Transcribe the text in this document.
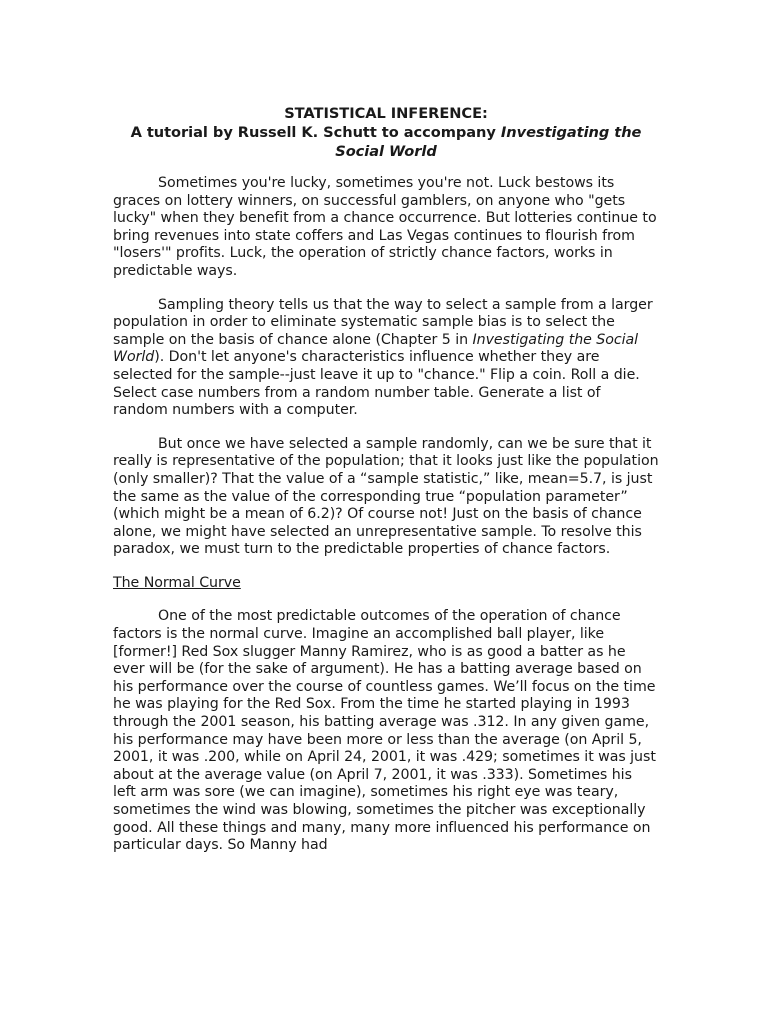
STATISTICAL INFERENCE:
A tutorial by Russell K. Schutt to accompany Investigating the Social World

Sometimes you're lucky, sometimes you're not. Luck bestows its graces on lottery winners, on successful gamblers, on anyone who "gets lucky" when they benefit from a chance occurrence. But lotteries continue to bring revenues into state coffers and Las Vegas continues to flourish from "losers'" profits. Luck, the operation of strictly chance factors, works in predictable ways.

Sampling theory tells us that the way to select a sample from a larger population in order to eliminate systematic sample bias is to select the sample on the basis of chance alone (Chapter 5 in Investigating the Social World). Don't let anyone's characteristics influence whether they are selected for the sample--just leave it up to "chance." Flip a coin. Roll a die. Select case numbers from a random number table. Generate a list of random numbers with a computer.

But once we have selected a sample randomly, can we be sure that it really is representative of the population; that it looks just like the population (only smaller)? That the value of a “sample statistic,” like, mean=5.7, is just the same as the value of the corresponding true “population parameter” (which might be a mean of 6.2)? Of course not! Just on the basis of chance alone, we might have selected an unrepresentative sample. To resolve this paradox, we must turn to the predictable properties of chance factors.

The Normal Curve

One of the most predictable outcomes of the operation of chance factors is the normal curve. Imagine an accomplished ball player, like [former!] Red Sox slugger Manny Ramirez, who is as good a batter as he ever will be (for the sake of argument). He has a batting average based on his performance over the course of countless games. We’ll focus on the time he was playing for the Red Sox. From the time he started playing in 1993 through the 2001 season, his batting average was .312. In any given game, his performance may have been more or less than the average (on April 5, 2001, it was .200, while on April 24, 2001, it was .429; sometimes it was just about at the average value (on April 7, 2001, it was .333). Sometimes his left arm was sore (we can imagine), sometimes his right eye was teary, sometimes the wind was blowing, sometimes the pitcher was exceptionally good. All these things and many, many more influenced his performance on particular days. So Manny had
